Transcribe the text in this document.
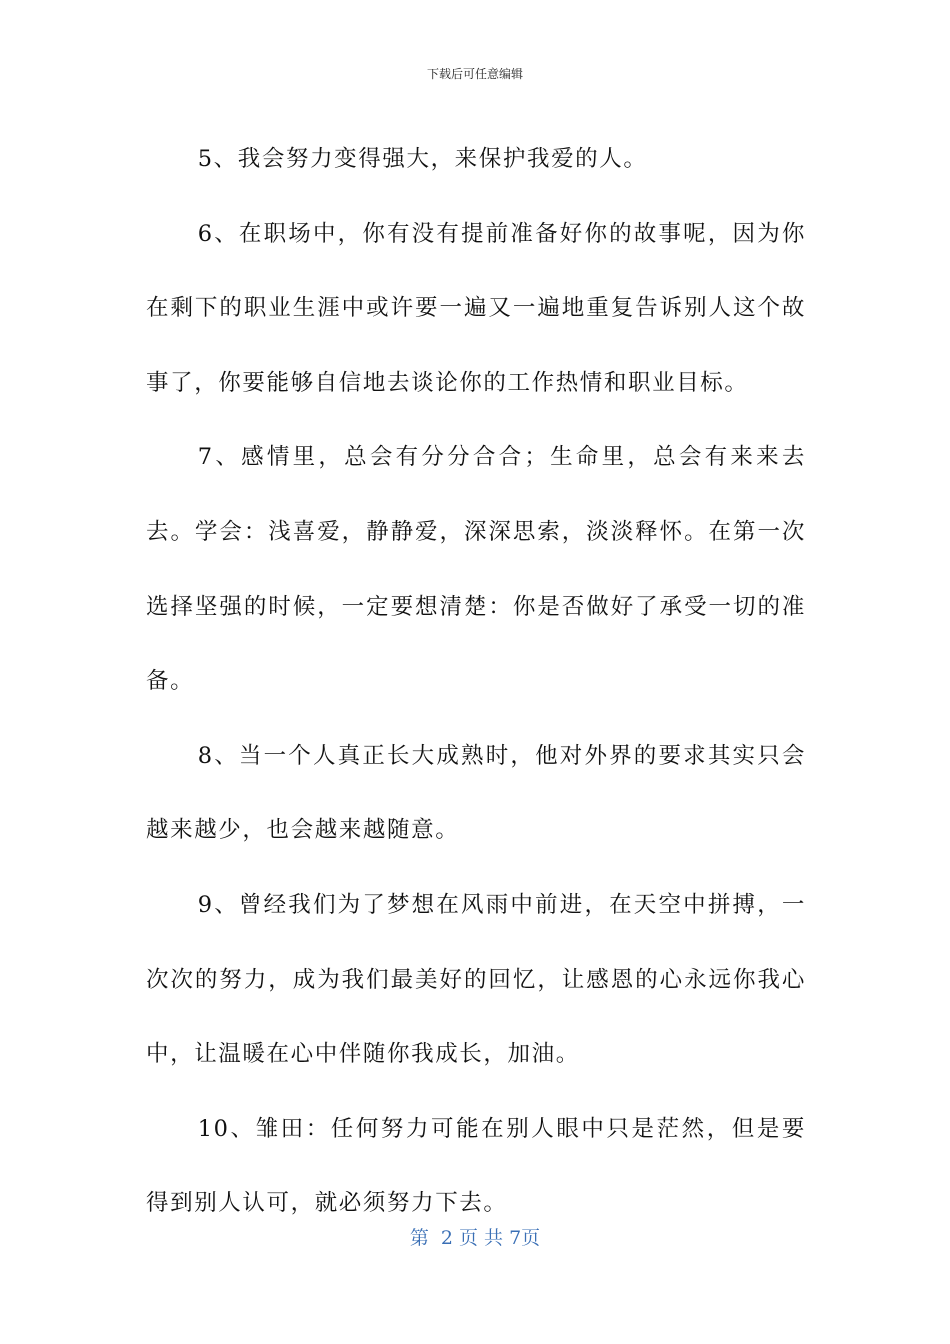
下载后可任意编辑

5、我会努力变得强大，来保护我爱的人。

6、在职场中，你有没有提前准备好你的故事呢，因为你在剩下的职业生涯中或许要一遍又一遍地重复告诉别人这个故事了，你要能够自信地去谈论你的工作热情和职业目标。

7、感情里，总会有分分合合；生命里，总会有来来去去。学会：浅喜爱，静静爱，深深思索，淡淡释怀。在第一次选择坚强的时候，一定要想清楚：你是否做好了承受一切的准备。

8、当一个人真正长大成熟时，他对外界的要求其实只会越来越少，也会越来越随意。

9、曾经我们为了梦想在风雨中前进，在天空中拼搏，一次次的努力，成为我们最美好的回忆，让感恩的心永远你我心中，让温暖在心中伴随你我成长，加油。

10、雏田：任何努力可能在别人眼中只是茫然，但是要得到别人认可，就必须努力下去。

第  2 页 共 7页
